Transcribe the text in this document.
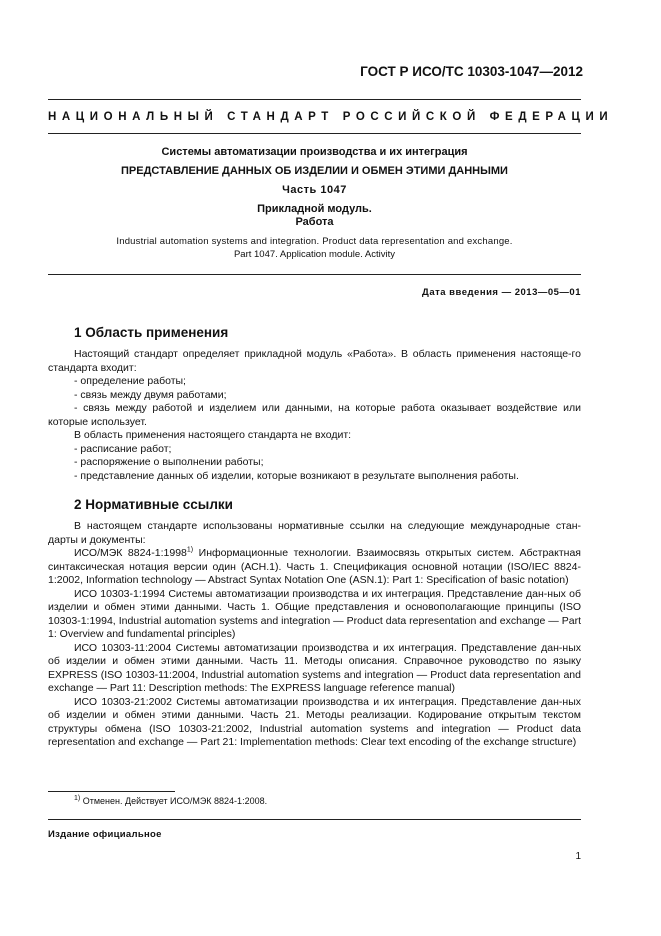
ГОСТ Р ИСО/ТС 10303-1047—2012
НАЦИОНАЛЬНЫЙ СТАНДАРТ РОССИЙСКОЙ ФЕДЕРАЦИИ
Системы автоматизации производства и их интеграция
ПРЕДСТАВЛЕНИЕ ДАННЫХ ОБ ИЗДЕЛИИ И ОБМЕН ЭТИМИ ДАННЫМИ
Часть 1047
Прикладной модуль.
Работа
Industrial automation systems and integration. Product data representation and exchange.
Part 1047. Application module. Activity
Дата введения — 2013—05—01
1 Область применения
Настоящий стандарт определяет прикладной модуль «Работа». В область применения настояще-го стандарта входит:
- определение работы;
- связь между двумя работами;
- связь между работой и изделием или данными, на которые работа оказывает воздействие или которые использует.
В область применения настоящего стандарта не входит:
- расписание работ;
- распоряжение о выполнении работы;
- представление данных об изделии, которые возникают в результате выполнения работы.
2 Нормативные ссылки
В настоящем стандарте использованы нормативные ссылки на следующие международные стан-дарты и документы:
ИСО/МЭК 8824-1:1998$^{1)}$ Информационные технологии. Взаимосвязь открытых систем. Абстрактная синтаксическая нотация версии один (АСН.1). Часть 1. Спецификация основной нотации (ISO/IEC 8824-1:2002, Information technology — Abstract Syntax Notation One (ASN.1): Part 1: Specification of basic notation)
ИСО 10303-1:1994 Системы автоматизации производства и их интеграция. Представление дан-ных об изделии и обмен этими данными. Часть 1. Общие представления и основополагающие принципы (ISO 10303-1:1994, Industrial automation systems and integration — Product data representation and exchange — Part 1: Overview and fundamental principles)
ИСО 10303-11:2004 Системы автоматизации производства и их интеграция. Представление дан-ных об изделии и обмен этими данными. Часть 11. Методы описания. Справочное руководство по языку EXPRESS (ISO 10303-11:2004, Industrial automation systems and integration — Product data representation and exchange — Part 11: Description methods: The EXPRESS language reference manual)
ИСО 10303-21:2002 Системы автоматизации производства и их интеграция. Представление дан-ных об изделии и обмен этими данными. Часть 21. Методы реализации. Кодирование открытым текстом структуры обмена (ISO 10303-21:2002, Industrial automation systems and integration — Product data representation and exchange — Part 21: Implementation methods: Clear text encoding of the exchange structure)
$^{1)}$ Отменен. Действует ИСО/МЭК 8824-1:2008.
Издание официальное
1
